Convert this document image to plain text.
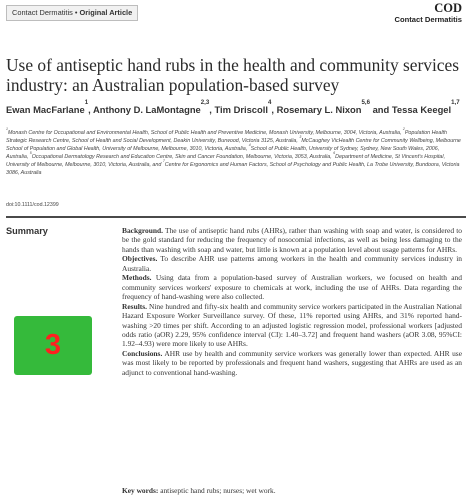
Contact Dermatitis • Original Article	COD
Contact Dermatitis
Use of antiseptic hand rubs in the health and community services industry: an Australian population-based survey
Ewan MacFarlane$^1$, Anthony D. LaMontagne$^{2,3}$, Tim Driscoll$^4$, Rosemary L. Nixon$^{5,6}$ and Tessa Keegel$^{1,7}$
$^1$Monash Centre for Occupational and Environmental Health, School of Public Health and Preventive Medicine, Monash University, Melbourne, 3004, Victoria, Australia, $^2$Population Health Strategic Research Centre, School of Health and Social Development, Deakin University, Burwood, Victoria 3125, Australia, $^3$McCaughey VicHealth Centre for Community Wellbeing, Melbourne School of Population and Global Health, University of Melbourne, Melbourne, 3010, Victoria, Australia, $^4$School of Public Health, University of Sydney, Sydney, New South Wales, 2006, Australia, $^5$Occupational Dermatology Research and Education Centre, Skin and Cancer Foundation, Melbourne, Victoria, 3053, Australia, $^6$Department of Medicine, St Vincent's Hospital, University of Melbourne, Melbourne, 3010, Victoria, Australia, and $^7$Centre for Ergonomics and Human Factors, School of Psychology and Public Health, La Trobe University, Bundoora, Victoria 3086, Australia
doi:10.1111/cod.12399
Summary
3

Background. The use of antiseptic hand rubs (AHRs), rather than washing with soap and water, is considered to be the gold standard for reducing the frequency of nosocomial infections, as well as being less damaging to the hands than washing with soap and water, but little is known at a population level about usage patterns for AHRs.

Objectives. To describe AHR use patterns among workers in the health and community services industry in Australia.

Methods. Using data from a population-based survey of Australian workers, we focused on health and community services workers' exposure to chemicals at work, including the use of AHRs. Data regarding the frequency of hand-washing were also collected.

Results. Nine hundred and fifty-six health and community service workers participated in the Australian National Hazard Exposure Worker Surveillance survey. Of these, 11% reported using AHRs, and 31% reported hand-washing >20 times per shift. According to an adjusted logistic regression model, professional workers [adjusted odds ratio (aOR) 2.29, 95% confidence interval (CI): 1.40–3.72] and frequent hand washers (aOR 3.08, 95%CI: 1.92–4.93) were more likely to use AHRs.

Conclusions. AHR use by health and community service workers was generally lower than expected. AHR use was most likely to be reported by professionals and frequent hand washers, suggesting that AHRs are used as an adjunct to conventional hand-washing.

Key words: antiseptic hand rubs; nurses; wet work.
